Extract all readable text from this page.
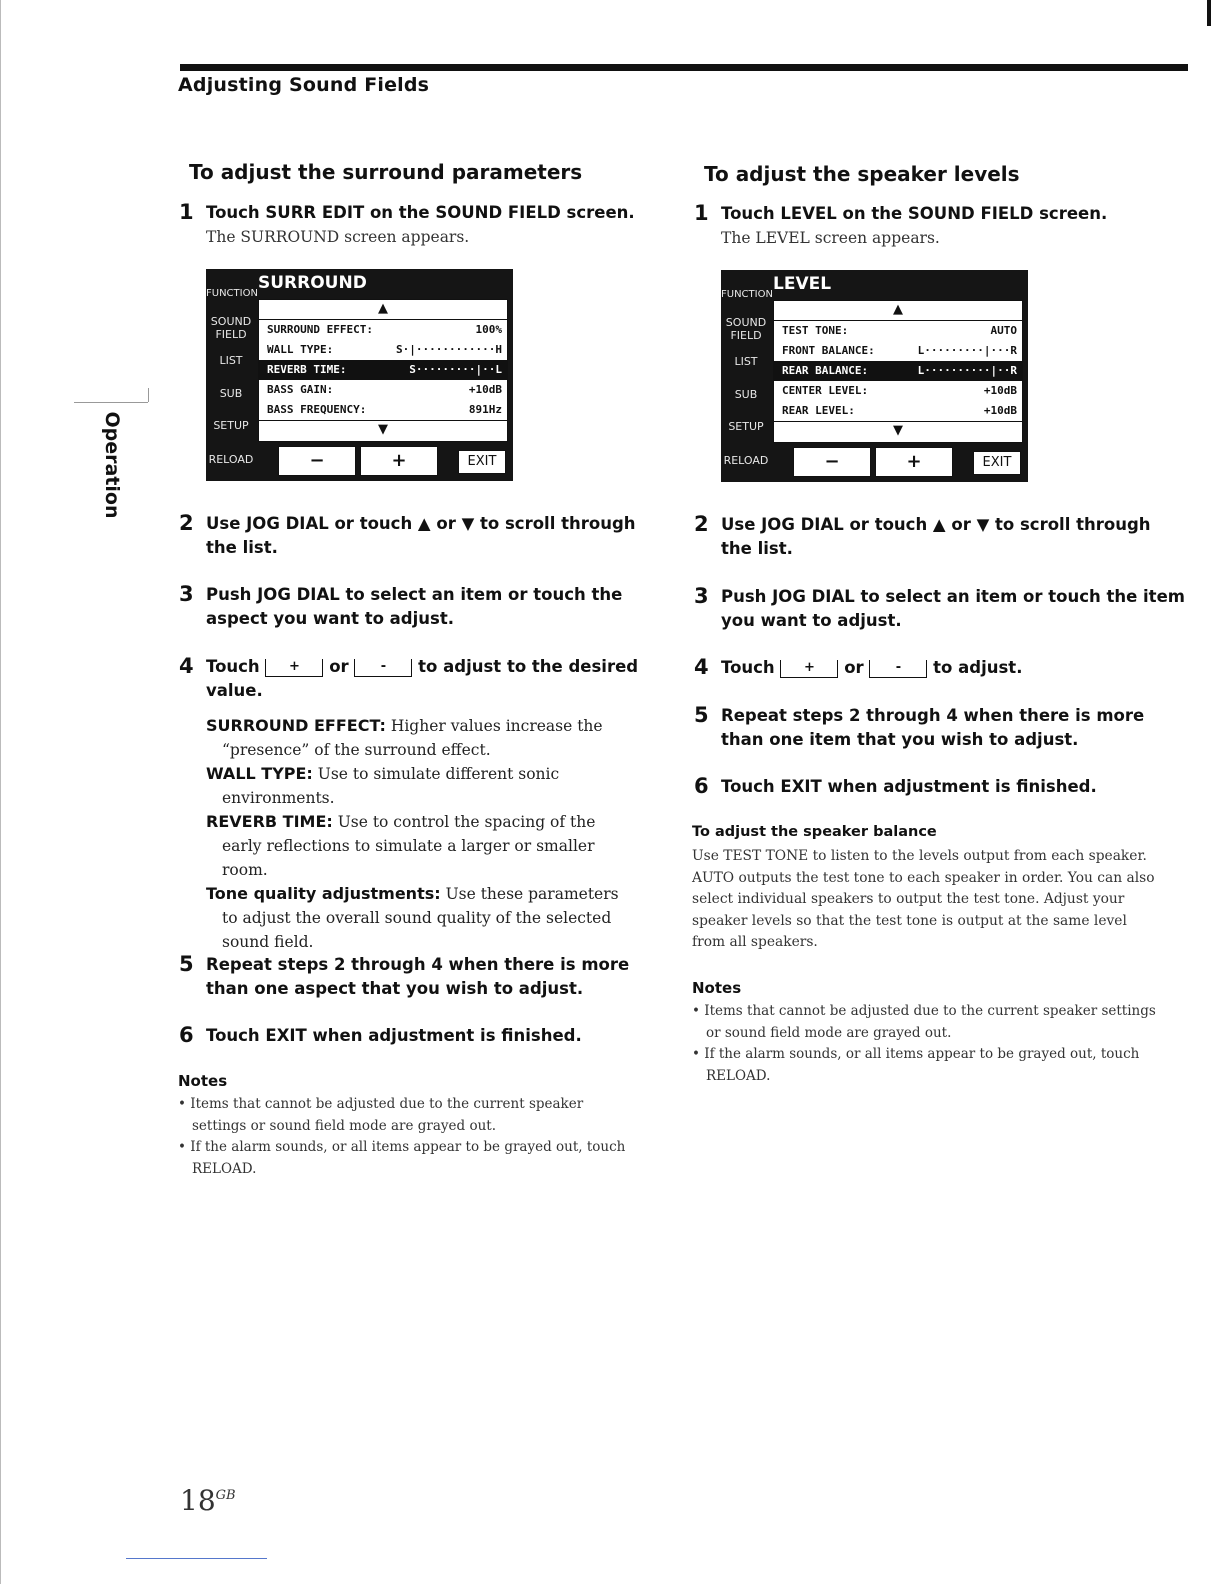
Adjusting Sound Fields
Operation
To adjust the surround parameters
1 Touch SURR EDIT on the SOUND FIELD screen.
The SURROUND screen appears.
FUNCTION
SOUND FIELD
LIST
SUB
SETUP
RELOAD
SURROUND
▲
SURROUND EFFECT:	100%
WALL TYPE:	S·|············H
REVERB TIME:	S·········|··L
BASS GAIN:	+10dB
BASS FREQUENCY:	891Hz
▼
−	+	EXIT
2 Use JOG DIAL or touch ▲ or ▼ to scroll through the list.
3 Push JOG DIAL to select an item or touch the aspect you want to adjust.
4 Touch + or - to adjust to the desired value.

SURROUND EFFECT: Higher values increase the “presence” of the surround effect.

WALL TYPE: Use to simulate different sonic environments.

REVERB TIME: Use to control the spacing of the early reflections to simulate a larger or smaller room.

Tone quality adjustments: Use these parameters to adjust the overall sound quality of the selected sound field.

5 Repeat steps 2 through 4 when there is more than one aspect that you wish to adjust.
6 Touch EXIT when adjustment is finished.
Notes
• Items that cannot be adjusted due to the current speaker settings or sound field mode are grayed out.
• If the alarm sounds, or all items appear to be grayed out, touch RELOAD.
To adjust the speaker levels
1 Touch LEVEL on the SOUND FIELD screen.
The LEVEL screen appears.
FUNCTION
SOUND FIELD
LIST
SUB
SETUP
RELOAD
LEVEL
▲
TEST TONE:	AUTO
FRONT BALANCE:	L·········|···R
REAR BALANCE:	L··········|··R
CENTER LEVEL:	+10dB
REAR LEVEL:	+10dB
▼
−	+	EXIT
2 Use JOG DIAL or touch ▲ or ▼ to scroll through the list.
3 Push JOG DIAL to select an item or touch the item you want to adjust.
4 Touch + or - to adjust.
5 Repeat steps 2 through 4 when there is more than one item that you wish to adjust.
6 Touch EXIT when adjustment is finished.
To adjust the speaker balance
Use TEST TONE to listen to the levels output from each speaker. AUTO outputs the test tone to each speaker in order. You can also select individual speakers to output the test tone. Adjust your speaker levels so that the test tone is output at the same level from all speakers.
Notes
• Items that cannot be adjusted due to the current speaker settings or sound field mode are grayed out.
• If the alarm sounds, or all items appear to be grayed out, touch RELOAD.
$18^{GB}$
